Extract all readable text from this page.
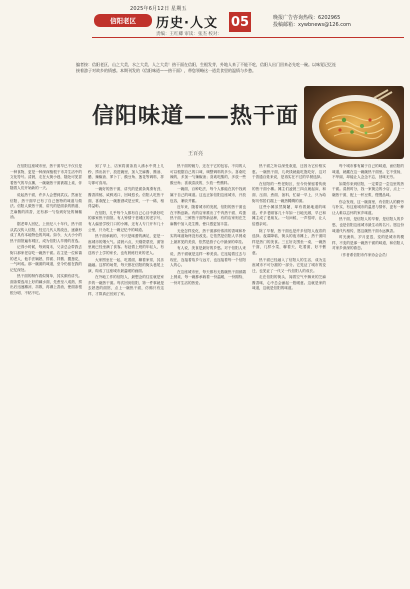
2025年6月12日 星期五
信阳老区	历史·人文 05
责编：王红卿 审读：张杰 校对：
晚报广告咨询热线：6202965
投稿邮箱：xywbnews@126.com
编者按：信阳老区，山之大美，水之大美，人之大美！热干面在信阳，生根发芽，外地人来了不能不吃，信阳人出门回来必先吃一碗。以味觉记忆连接着游子对故乡的情感。本期刊发的《信阳味道——热干面》，带您领略这一道美食里的温情与乡愁。
信阳味道——热干面
王百亮

在信阳这座城市里，热干面早已不仅仅是一种食物，更是一种深深植根于市井生活中的文化符号。清晨，走在大街小巷，随处可见冒着热气的早点摊，一碗碗热干面被端上桌，伴随着人们开始新的一天。

说起热干面，许多人会想到武汉。然而在信阳，热干面早已有了自己独特的味道与做法。信阳人做热干面，讲究的是面条的筋道、芝麻酱的浓香，还有那一勺恰到好处的辣椒油。

据老辈人回忆，上世纪八十年代，热干面从武汉传入信阳，经过几代人的改良，逐渐形成了具有本地特色的风味。如今，大大小小的热干面馆遍布城区，成为信阳人早餐的首选。

记得小时候，每到周末，父亲总会带我去街口那家老店吃一碗热干面。店主是一位和蔼的老人，他手法娴熟，捞面、拌酱、撒葱花，一气呵成。那一碗面的味道，至今仍留在我的记忆深处。

热干面的制作看似简单，其实颇有讲究。面条要选用上好的碱水面，先煮至八成熟，捞出后迅速摊凉、抖散，再淋上香油，使面条根根分明、不粘不坨。

到了早上，店家将面条放入沸水中烫上几秒，捞出沥干，放进碗里，加入芝麻酱、酱油、醋、辣椒油、萝卜丁、酸豆角、葱花等调料，拌匀即可食用。

一碗好的热干面，讲究的是面条爽滑有劲，酱香浓郁，咸鲜适口，回味悠长。信阳人吃热干面，喜欢配上一碗蛋酒或是豆浆，一干一稀，相得益彰。

在信阳，几乎每个人都有自己心目中最好吃的那家热干面馆。有人钟情于老城区的老字号，有人偏爱学校门口的小摊，还有人专门开车几十公里，只为吃上一碗记忆中的味道。

热干面承载的，不只是味蕾的满足，更是一座城市的烟火气。清晨六点，天刚蒙蒙亮，面馆里就已经坐满了食客。有赶着上班的年轻人，有送孩子上学的家长，也有晨练归来的老人。

大家围坐在一起，吃着面，聊着家常，其乐融融。这样的场景，每天都在信阳的街头巷尾上演，构成了这座城市最温暖的画面。

在外地工作的信阳人，最想念的往往就是家乡的一碗热干面。每次回到信阳，第一件事就是去熟悉的面馆，点上一碗热干面，仿佛只有这样，才算真正回到了家。

热干面的魅力，还在于它的包容。不同的人可以根据自己的口味，调整调料的多少。喜欢吃辣的，多加一勺辣椒油；喜欢吃酸的，多放一些酸豆角；喜欢清淡的，少放一些酱料。

一碗面，百种吃法，每个人都能在其中找到属于自己的味道。这也正如信阳这座城市，开放包容，兼收并蓄。

近年来，随着城市的发展，信阳的热干面也在不断创新。有的店家推出了牛肉热干面、鸡蛋热干面、三鲜热干面等新品种，有的店家则在芝麻酱中加入花生酱，使口感更加丰富。

无论怎样变化，热干面那份浓浓的香味和朴实的味道始终没有改变。它依然是信阳人早餐桌上最常见的美食，依然是游子心中最深的牵挂。

有人说，美食是最好的乡愁。对于信阳人来说，热干面就是这样一种美食。它连接着过去与现在，连接着故乡与远方，也连接着每一个信阳人的心。

在这座城市里，每天都有无数碗热干面被端上餐桌，每一碗都承载着一份温暖，一份期待，一份对生活的热爱。

热干面之所以深受欢迎，还因为它价格实惠。一碗热干面，几块钱就能吃饱吃好，这对于普通百姓来说，是再实在不过的早餐选择。

在信阳的一些老街区，至今仍保留着传统的热干面小摊。摊主们凌晨三四点就起床，和面、压面、煮面、备料，忙碌一早上，只为给街坊邻居们端上一碗热腾腾的面。

这些小摊虽然简陋，却有着最地道的味道。许多老顾客几十年如一日地光顾，早已和摊主成了老朋友。一句问候，一声招呼，让人倍感亲切。

除了早餐，热干面也是许多信阳人夜宵的选择。夜幕降临，街头的夜市摊上，热干面同样是热门的美食。三五好友围坐一桌，一碗热干面，几样小菜，聊着天，吃着面，好不惬意。

热干面已经融入了信阳人的生活，成为这座城市不可分割的一部分。它见证了城市的变迁，也见证了一代又一代信阳人的成长。

走在信阳的街头，闻着空气中飘来的芝麻酱香味，心中总会涌起一股暖意。这就是家的味道，这就是信阳的味道。

每个城市都有属于自己的味道，而信阳的味道，就藏在这一碗碗热干面里。它不张扬，不华丽，却能让人念念不忘，回味无穷。

如果你来到信阳，一定要尝一尝这里的热干面。清晨时分，找一家街边的小店，点上一碗热干面，配上一杯豆浆，慢慢品味。

你会发现，这一碗面里，有信阳人的勤劳与朴实，有这座城市的温度与情怀，更有一种让人难以忘怀的家乡味道。

热干面，是信阳人的早餐，是信阳人的乡愁，也是信阳这座城市最生动的名片。愿这份味道代代相传，愿这碗热干面永远飘香。

时光流转，岁月更迭，变的是城市的模样，不变的是那一碗热干面的味道，和信阳人对家乡深深的眷恋。

（作者系信阳市作家协会会员）
